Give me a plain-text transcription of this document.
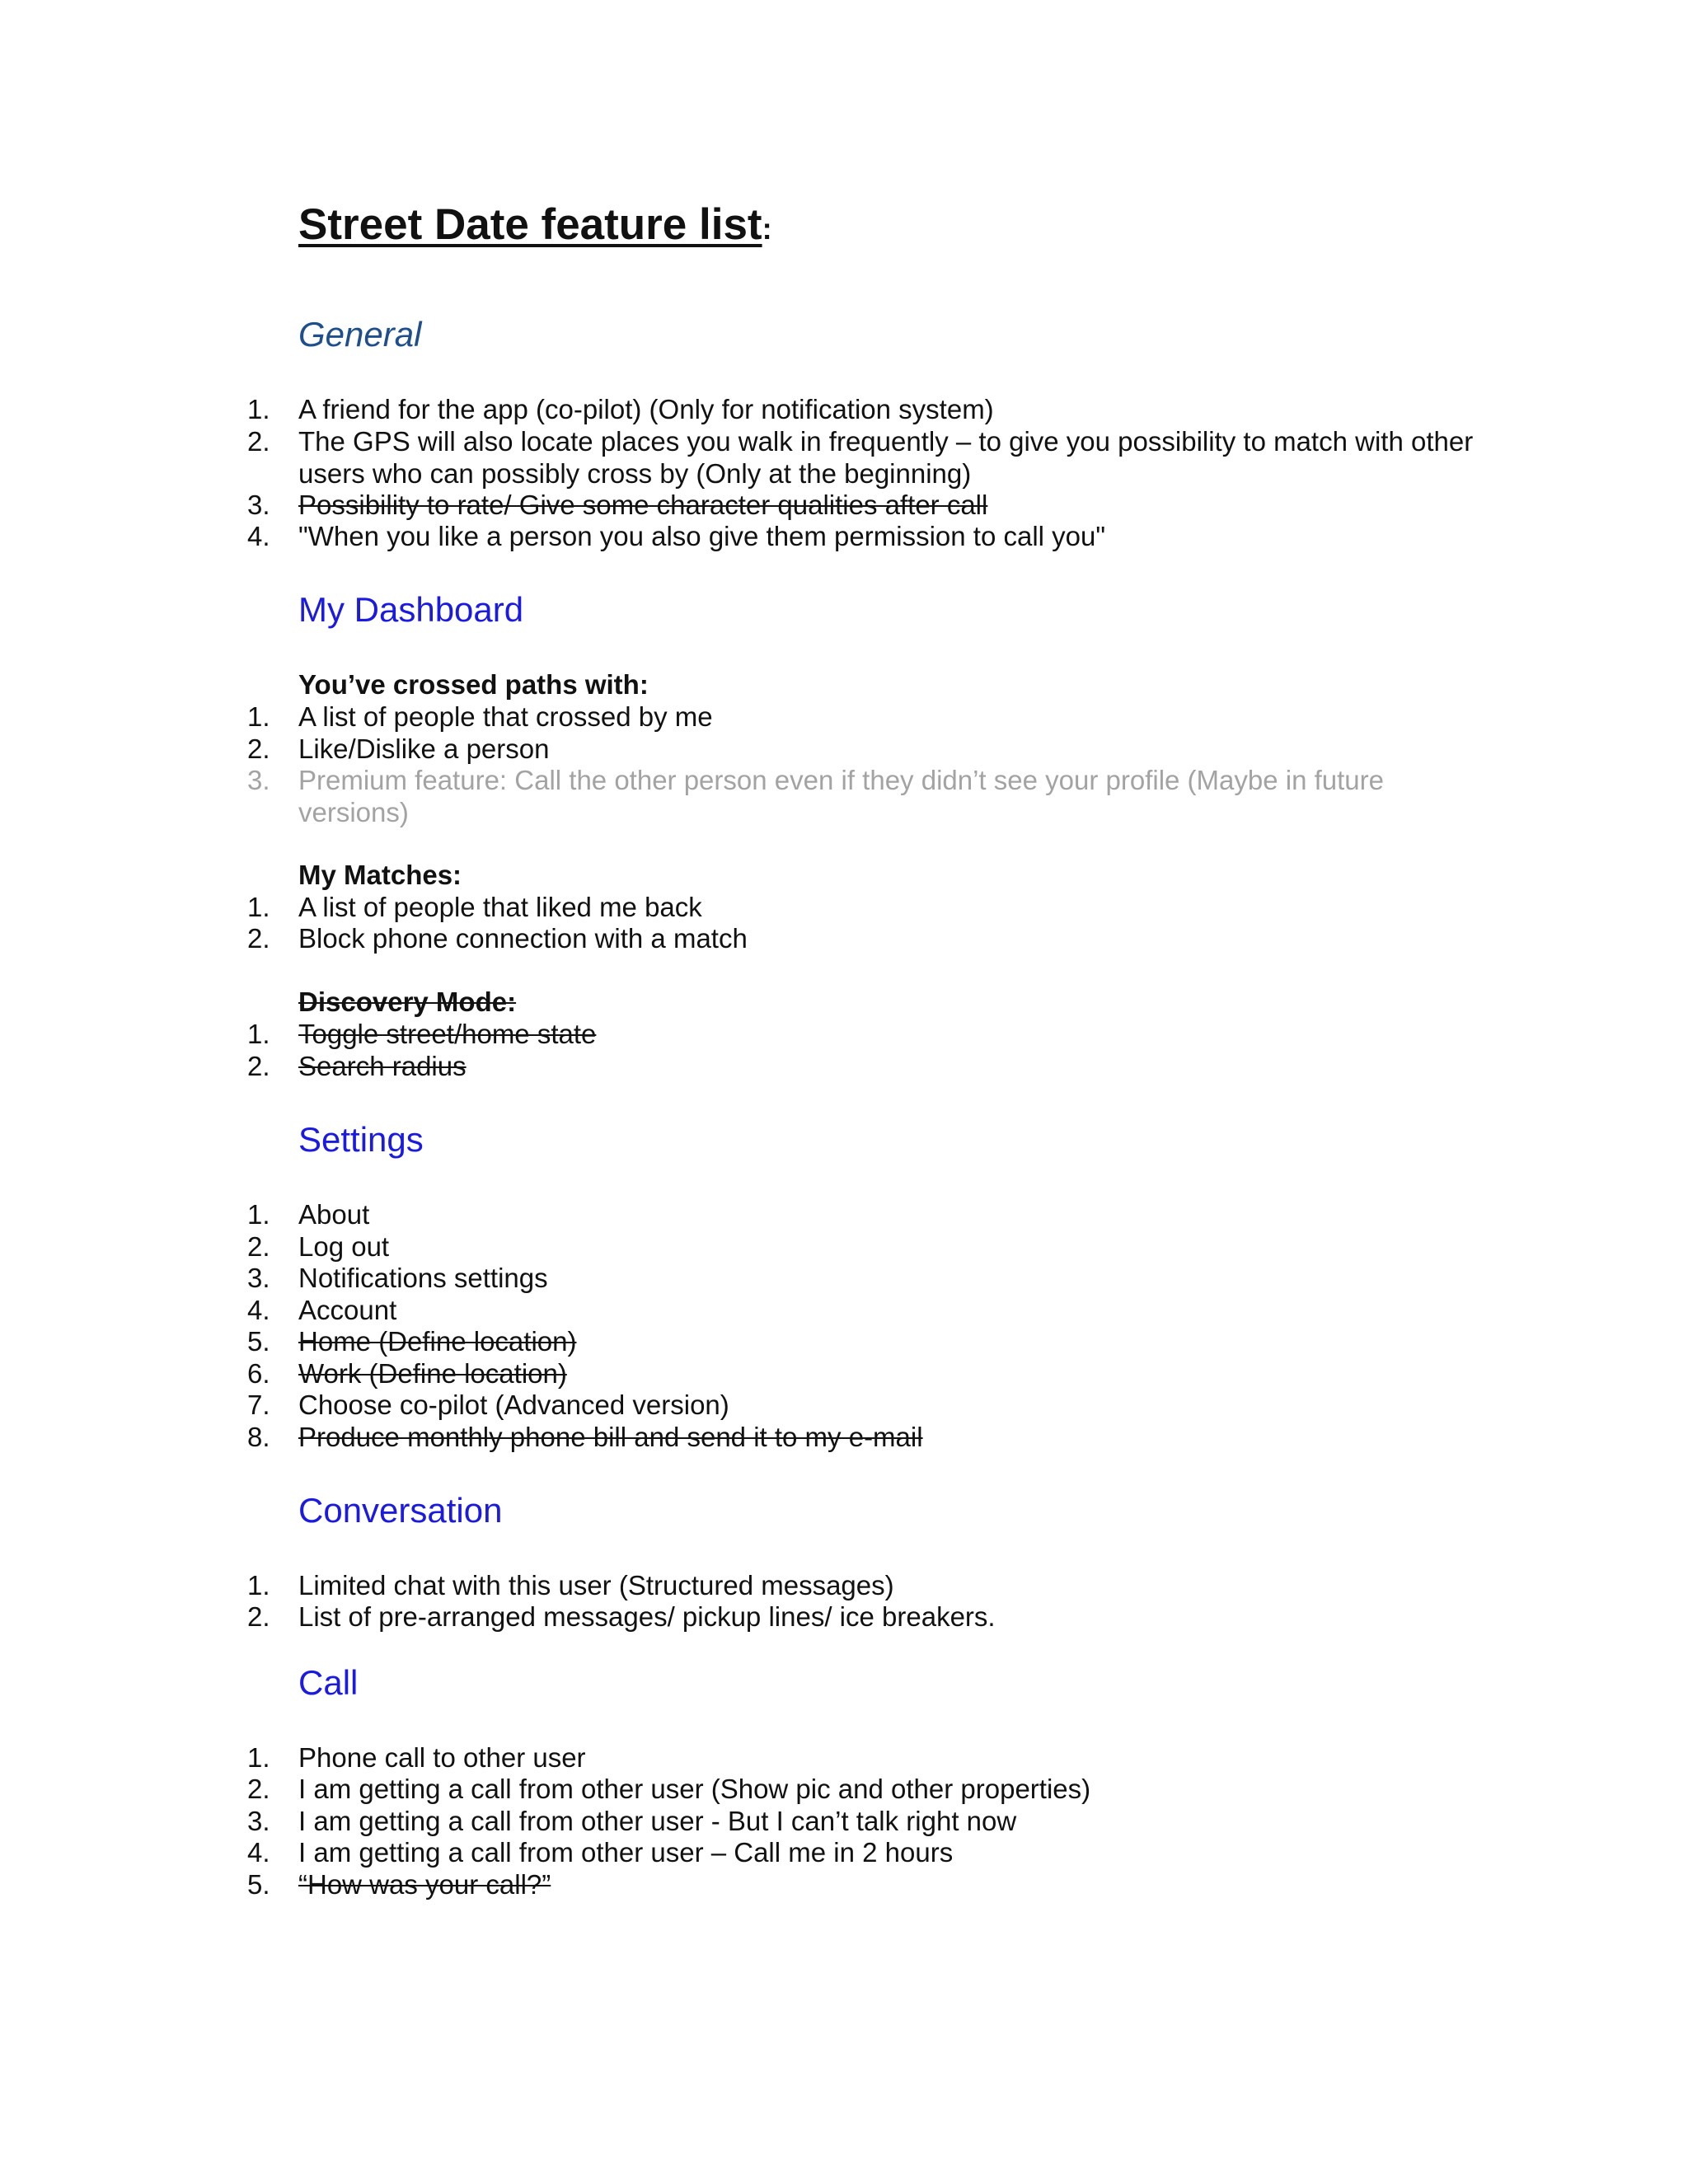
Street Date feature list:
General
1. A friend for the app (co-pilot) (Only for notification system)
2. The GPS will also locate places you walk in frequently – to give you possibility to match with other users who can possibly cross by (Only at the beginning)
Possibility to rate/ Give some character qualities after call
3.
4. "When you like a person you also give them permission to call you"
My Dashboard
You’ve crossed paths with:
1. A list of people that crossed by me
2. Like/Dislike a person
3. Premium feature: Call the other person even if they didn’t see your profile (Maybe in future versions)
My Matches:
1. A list of people that liked me back
2. Block phone connection with a match
Discovery Mode:
Toggle street/home state
1.
Search radius
2.
Settings
1. About
2. Log out
3. Notifications settings
4. Account
Home (Define location)
5.
Work (Define location)
6.
7. Choose co-pilot (Advanced version)
Produce monthly phone bill and send it to my e-mail
8.
Conversation
1. Limited chat with this user (Structured messages)
2. List of pre-arranged messages/ pickup lines/ ice breakers.
Call
1. Phone call to other user
2. I am getting a call from other user (Show pic and other properties)
3. I am getting a call from other user - But I can’t talk right now
4. I am getting a call from other user – Call me in 2 hours
“How was your call?”
5.
